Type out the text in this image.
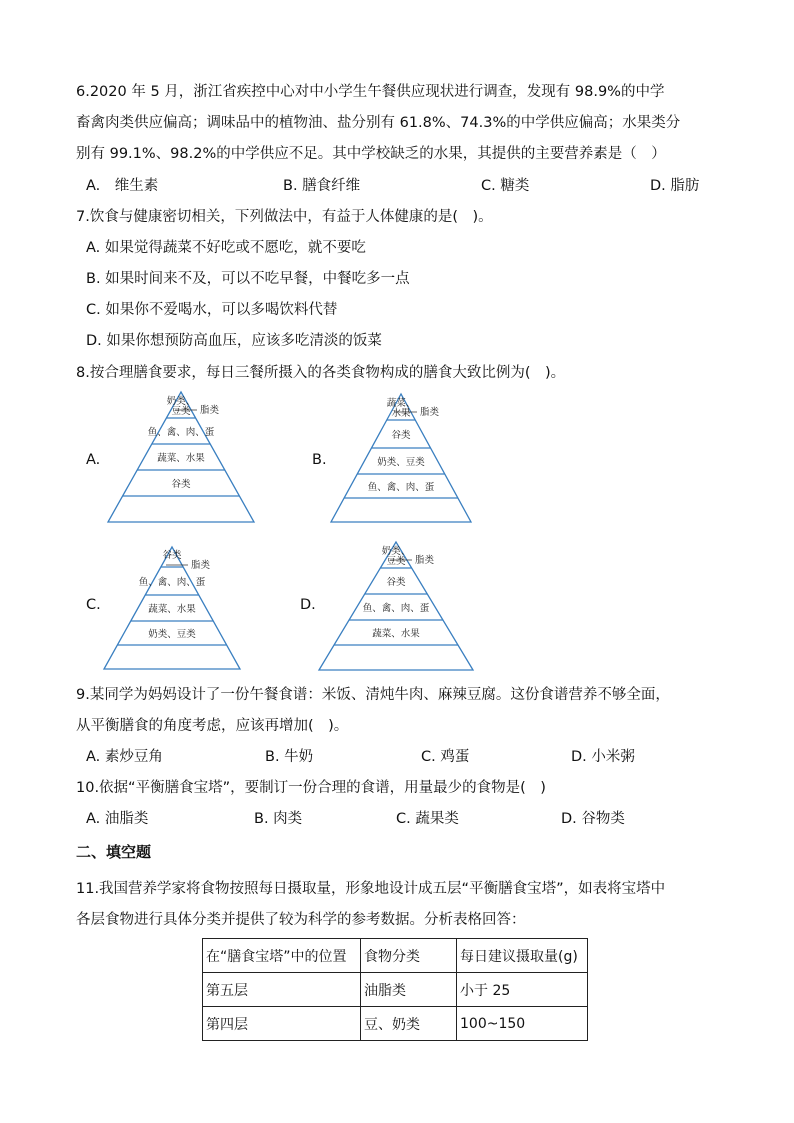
6.2020 年 5 月，浙江省疾控中心对中小学生午餐供应现状进行调查，发现有 98.9%的中学
畜禽肉类供应偏高；调味品中的植物油、盐分别有 61.8%、74.3%的中学供应偏高；水果类分
别有 99.1%、98.2%的中学供应不足。其中学校缺乏的水果，其提供的主要营养素是（　）
A.　维生素	B. 膳食纤维	C. 糖类	D. 脂肪
7.饮食与健康密切相关，下列做法中，有益于人体健康的是(　)。
A. 如果觉得蔬菜不好吃或不愿吃，就不要吃
B. 如果时间来不及，可以不吃早餐，中餐吃多一点
C. 如果你不爱喝水，可以多喝饮料代替
D. 如果你想预防高血压，应该多吃清淡的饭菜
8.按合理膳食要求，每日三餐所摄入的各类食物构成的膳食大致比例为(　)。
A.	B.
C.	D.
脂类
奶类、
豆类
鱼、禽、肉、蛋
蔬菜、水果
谷类
脂类
蔬菜、
水果
谷类
奶类、豆类
鱼、禽、肉、蛋
脂类
谷类
鱼、禽、肉、蛋
蔬菜、水果
奶类、豆类
脂类
奶类、
豆类
谷类
鱼、禽、肉、蛋
蔬菜、水果
9.某同学为妈妈设计了一份午餐食谱：米饭、清炖牛肉、麻辣豆腐。这份食谱营养不够全面，
从平衡膳食的角度考虑，应该再增加(　)。
A. 素炒豆角	B. 牛奶	C. 鸡蛋	D. 小米粥
10.依据“平衡膳食宝塔”，要制订一份合理的食谱，用量最少的食物是(　)
A. 油脂类	B. 肉类	C. 蔬果类	D. 谷物类
二、填空题
11.我国营养学家将食物按照每日摄取量，形象地设计成五层“平衡膳食宝塔”，如表将宝塔中
各层食物进行具体分类并提供了较为科学的参考数据。分析表格回答：
在“膳食宝塔”中的位置	食物分类	每日建议摄取量(g)
第五层	油脂类	小于 25
第四层	豆、奶类	100~150
